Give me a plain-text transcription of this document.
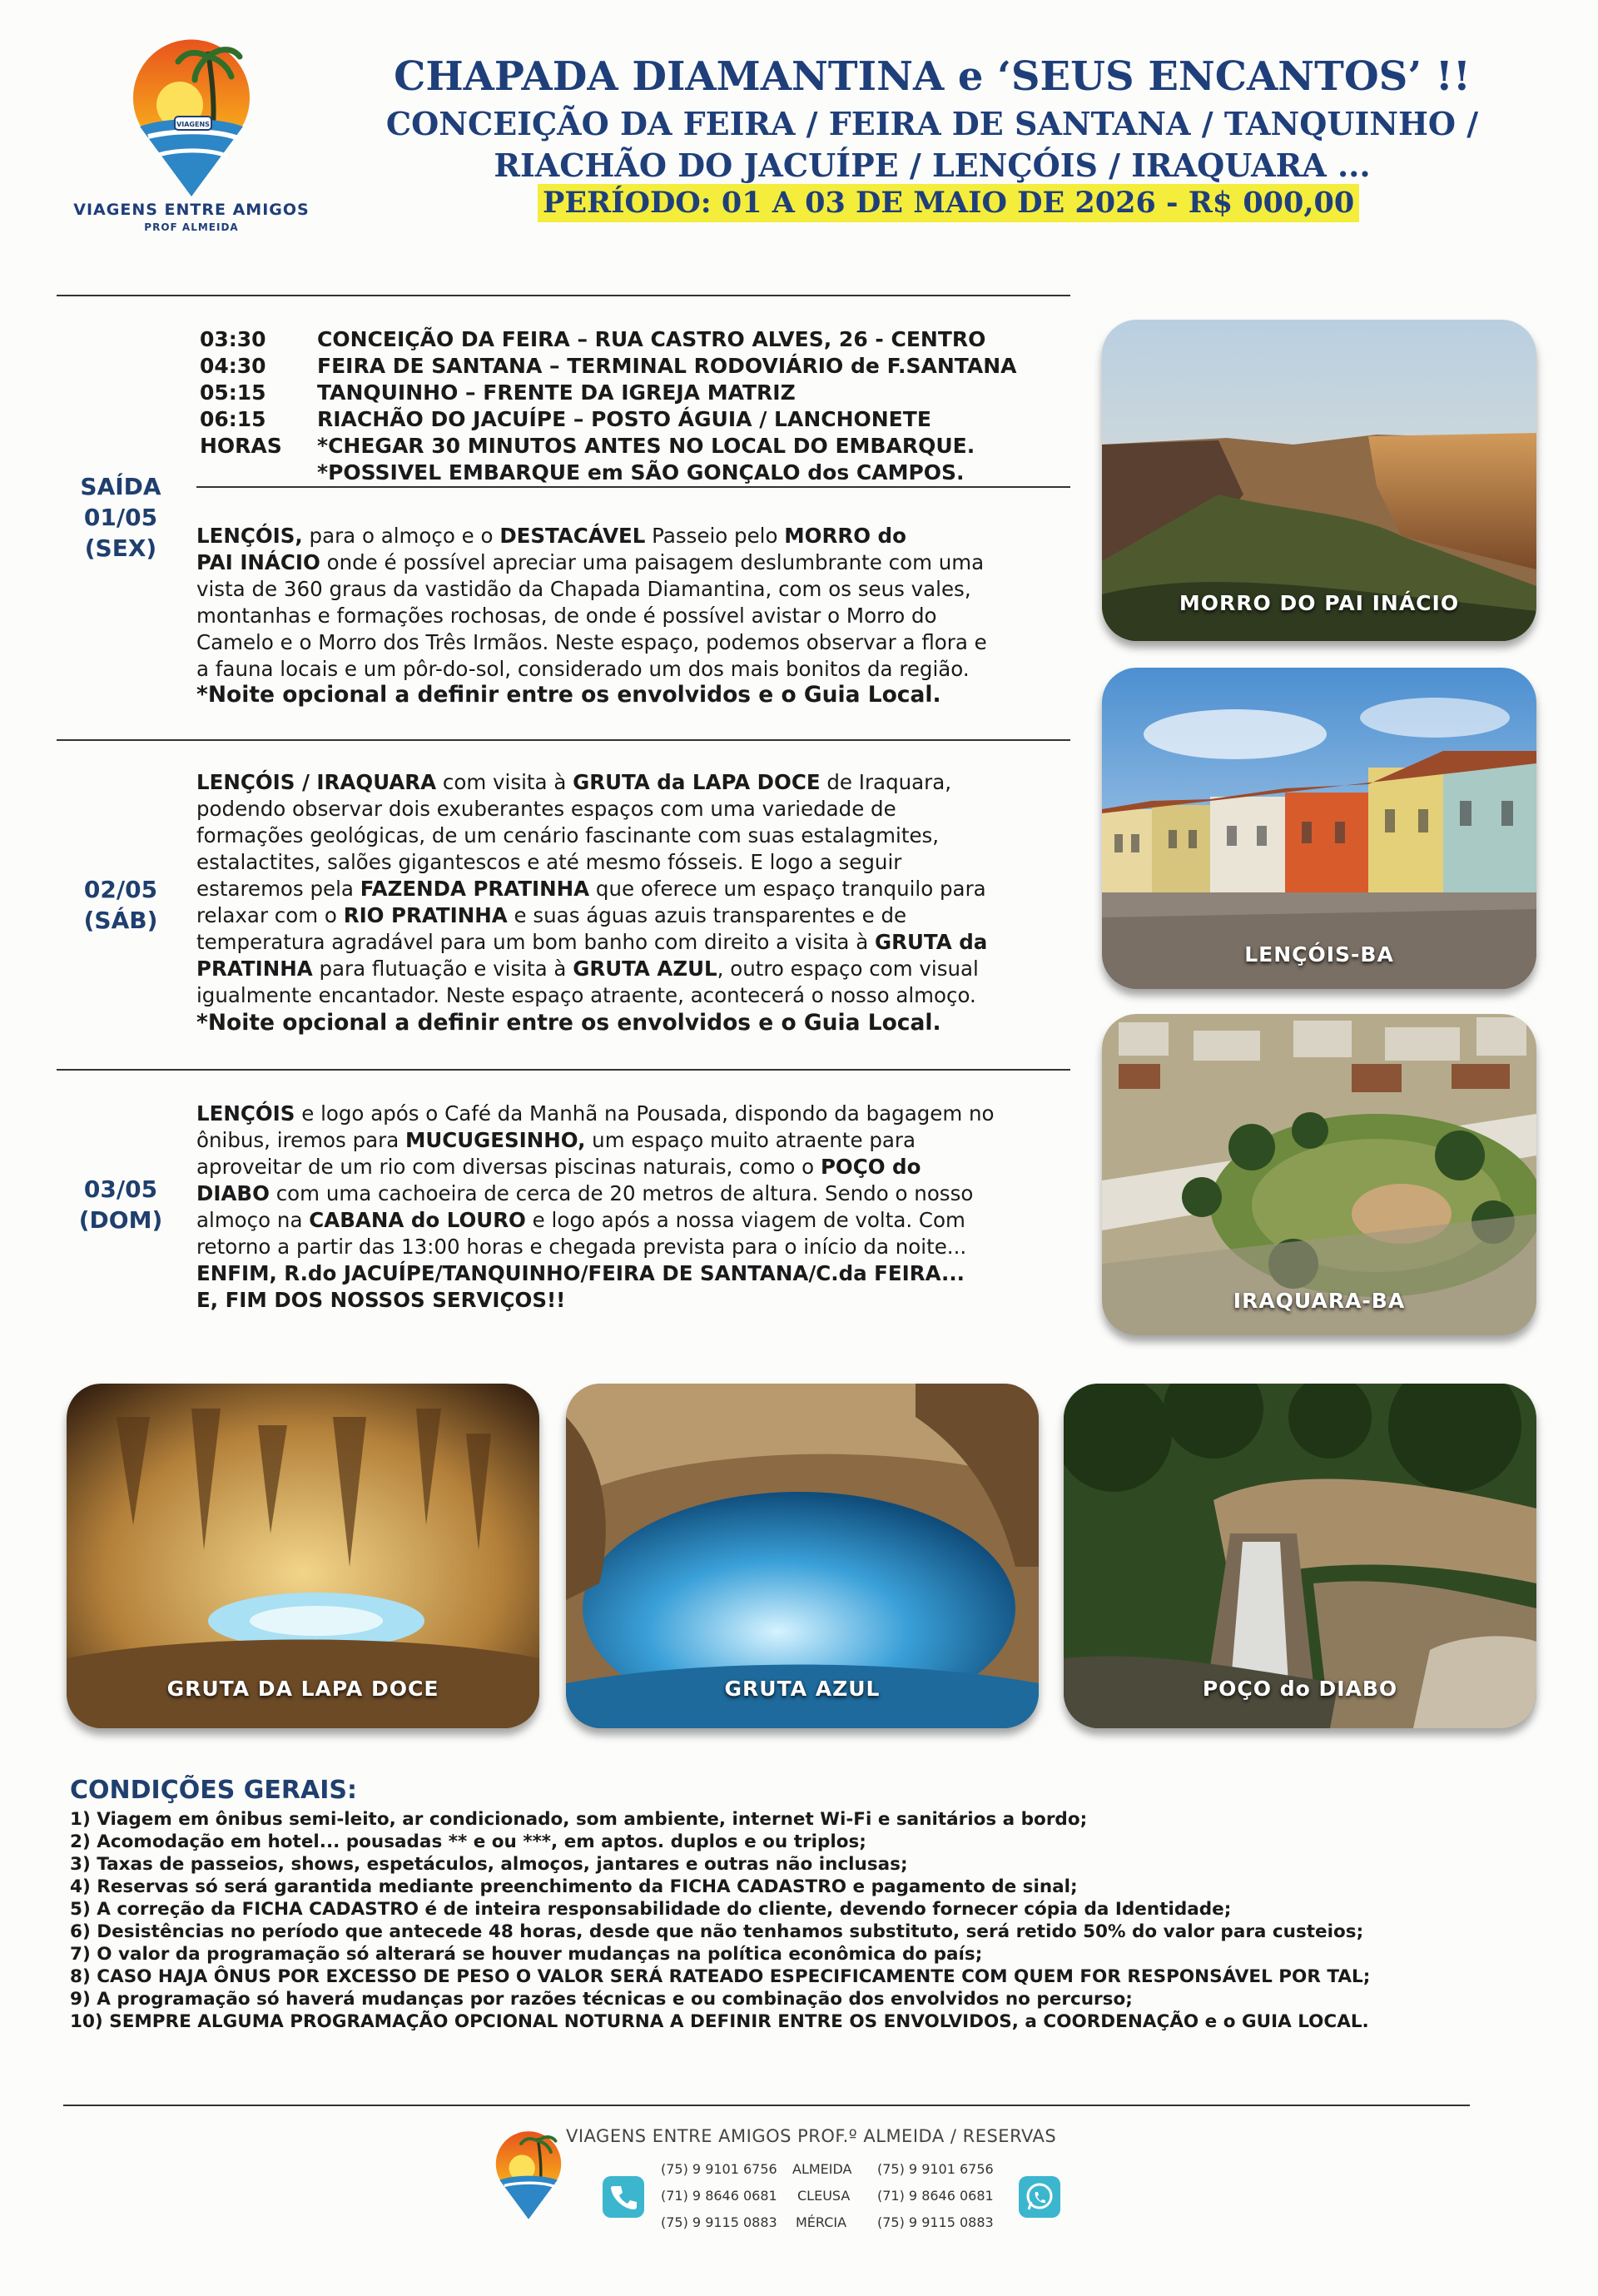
VIAGENS
VIAGENS ENTRE AMIGOS
PROF ALMEIDA
CHAPADA DIAMANTINA e ‘SEUS ENCANTOS’ !!
CONCEIÇÃO DA FEIRA / FEIRA DE SANTANA / TANQUINHO /
RIACHÃO DO JACUÍPE / LENÇÓIS / IRAQUARA ...
PERÍODO: 01 A 03 DE MAIO DE 2026 - R$ 000,00
03:30	CONCEIÇÃO DA FEIRA – RUA CASTRO ALVES, 26 - CENTRO
04:30	FEIRA DE SANTANA – TERMINAL RODOVIÁRIO de F.SANTANA
05:15	TANQUINHO – FRENTE DA IGREJA MATRIZ
06:15	RIACHÃO DO JACUÍPE – POSTO ÁGUIA / LANCHONETE
HORAS	*CHEGAR 30 MINUTOS ANTES NO LOCAL DO EMBARQUE.
*POSSIVEL EMBARQUE em SÃO GONÇALO dos CAMPOS.
SAÍDA
01/05
(SEX)	LENÇÓIS, para o almoço e o DESTACÁVEL Passeio pelo MORRO do
PAI INÁCIO onde é possível apreciar uma paisagem deslumbrante com uma
vista de 360 graus da vastidão da Chapada Diamantina, com os seus vales,
montanhas e formações rochosas, de onde é possível avistar o Morro do
Camelo e o Morro dos Três Irmãos. Neste espaço, podemos observar a flora e
a fauna locais e um pôr-do-sol, considerado um dos mais bonitos da região.
*Noite opcional a definir entre os envolvidos e o Guia Local.
02/05
(SÁB)
LENÇÓIS / IRAQUARA com visita à GRUTA da LAPA DOCE de Iraquara,
podendo observar dois exuberantes espaços com uma variedade de
formações geológicas, de um cenário fascinante com suas estalagmites,
estalactites, salões gigantescos e até mesmo fósseis. E logo a seguir
estaremos pela FAZENDA PRATINHA que oferece um espaço tranquilo para
relaxar com o RIO PRATINHA e suas águas azuis transparentes e de
temperatura agradável para um bom banho com direito a visita à GRUTA da
PRATINHA para flutuação e visita à GRUTA AZUL, outro espaço com visual
igualmente encantador. Neste espaço atraente, acontecerá o nosso almoço.
*Noite opcional a definir entre os envolvidos e o Guia Local.
03/05
(DOM)
LENÇÓIS e logo após o Café da Manhã na Pousada, dispondo da bagagem no
ônibus, iremos para MUCUGESINHO, um espaço muito atraente para
aproveitar de um rio com diversas piscinas naturais, como o POÇO do
DIABO com uma cachoeira de cerca de 20 metros de altura. Sendo o nosso
almoço na CABANA do LOURO e logo após a nossa viagem de volta. Com
retorno a partir das 13:00 horas e chegada prevista para o início da noite...
ENFIM, R.do JACUÍPE/TANQUINHO/FEIRA DE SANTANA/C.da FEIRA...
E, FIM DOS NOSSOS SERVIÇOS!!
MORRO DO PAI INÁCIO
LENÇÓIS-BA
IRAQUARA-BA
GRUTA DA LAPA DOCE	GRUTA AZUL	POÇO do DIABO
CONDIÇÕES GERAIS:
1) Viagem em ônibus semi-leito, ar condicionado, som ambiente, internet Wi-Fi e sanitários a bordo;
2) Acomodação em hotel... pousadas ** e ou ***, em aptos. duplos e ou triplos;
3) Taxas de passeios, shows, espetáculos, almoços, jantares e outras não inclusas;
4) Reservas só será garantida mediante preenchimento da FICHA CADASTRO e pagamento de sinal;
5) A correção da FICHA CADASTRO é de inteira responsabilidade do cliente, devendo fornecer cópia da Identidade;
6) Desistências no período que antecede 48 horas, desde que não tenhamos substituto, será retido 50% do valor para custeios;
7) O valor da programação só alterará se houver mudanças na política econômica do país;
8) CASO HAJA ÔNUS POR EXCESSO DE PESO O VALOR SERÁ RATEADO ESPECIFICAMENTE COM QUEM FOR RESPONSÁVEL POR TAL;
9) A programação só haverá mudanças por razões técnicas e ou combinação dos envolvidos no percurso;
10) SEMPRE ALGUMA PROGRAMAÇÃO OPCIONAL NOTURNA A DEFINIR ENTRE OS ENVOLVIDOS, a COORDENAÇÃO e o GUIA LOCAL.
VIAGENS ENTRE AMIGOS PROF.º ALMEIDA / RESERVAS
(75) 9 9101 6756 ALMEIDA (75) 9 9101 6756
(71) 9 8646 0681 CLEUSA (71) 9 8646 0681
(75) 9 9115 0883 MÉRCIA (75) 9 9115 0883
